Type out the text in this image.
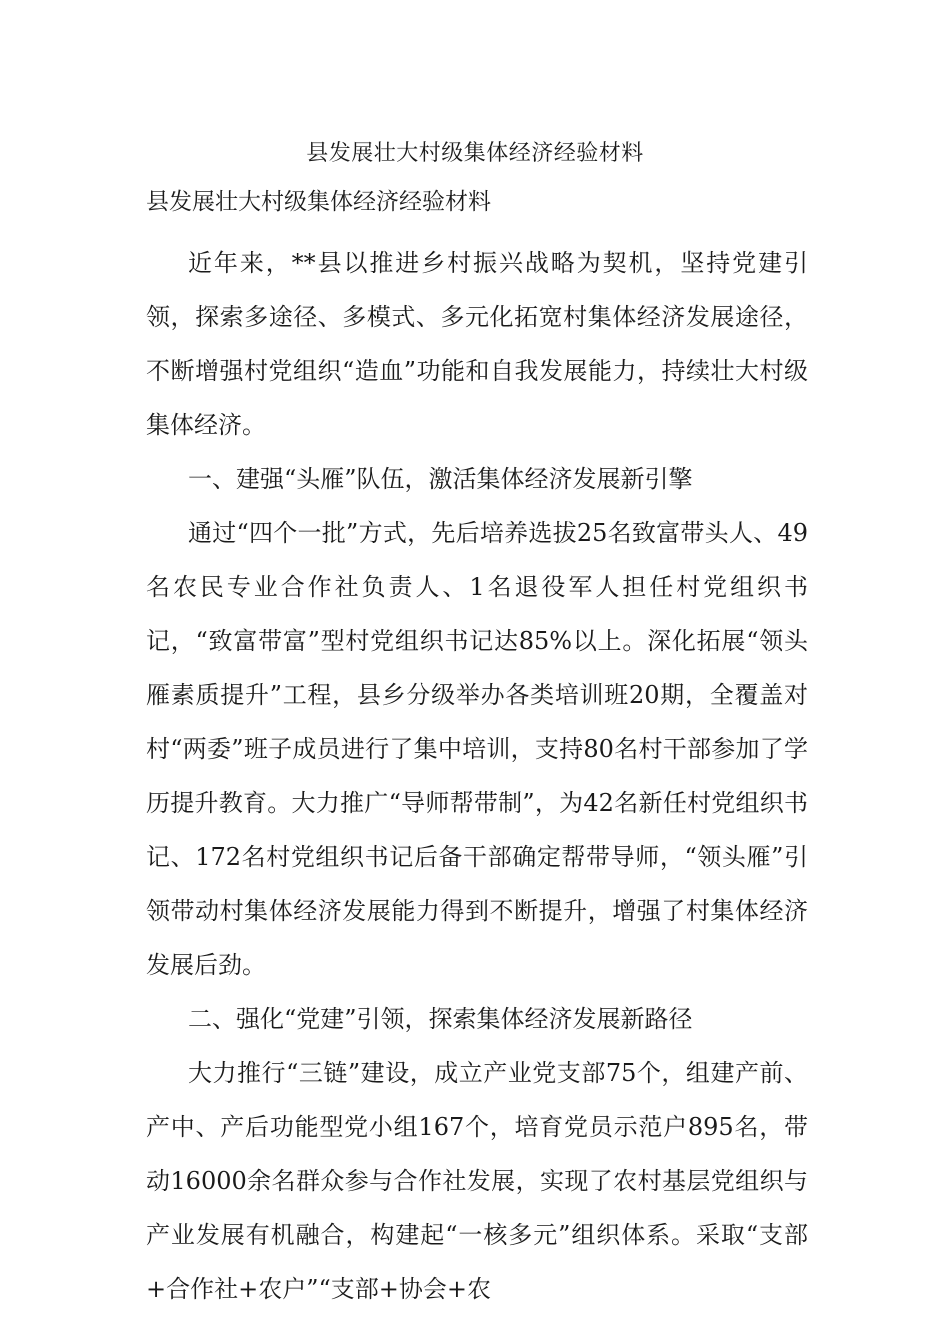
县发展壮大村级集体经济经验材料

县发展壮大村级集体经济经验材料

近年来，**县以推进乡村振兴战略为契机，坚持党建引领，探索多途径、多模式、多元化拓宽村集体经济发展途径，不断增强村党组织“造血”功能和自我发展能力，持续壮大村级集体经济。

一、建强“头雁”队伍，激活集体经济发展新引擎

通过“四个一批”方式，先后培养选拔25名致富带头人、49名农民专业合作社负责人、1名退役军人担任村党组织书记，“致富带富”型村党组织书记达85%以上。深化拓展“领头雁素质提升”工程，县乡分级举办各类培训班20期，全覆盖对村“两委”班子成员进行了集中培训，支持80名村干部参加了学历提升教育。大力推广“导师帮带制”，为42名新任村党组织书记、172名村党组织书记后备干部确定帮带导师，“领头雁”引领带动村集体经济发展能力得到不断提升，增强了村集体经济发展后劲。

二、强化“党建”引领，探索集体经济发展新路径

大力推行“三链”建设，成立产业党支部75个，组建产前、产中、产后功能型党小组167个，培育党员示范户895名，带动16000余名群众参与合作社发展，实现了农村基层党组织与产业发展有机融合，构建起“一核多元”组织体系。采取“支部+合作社+农户”“支部+协会+农
